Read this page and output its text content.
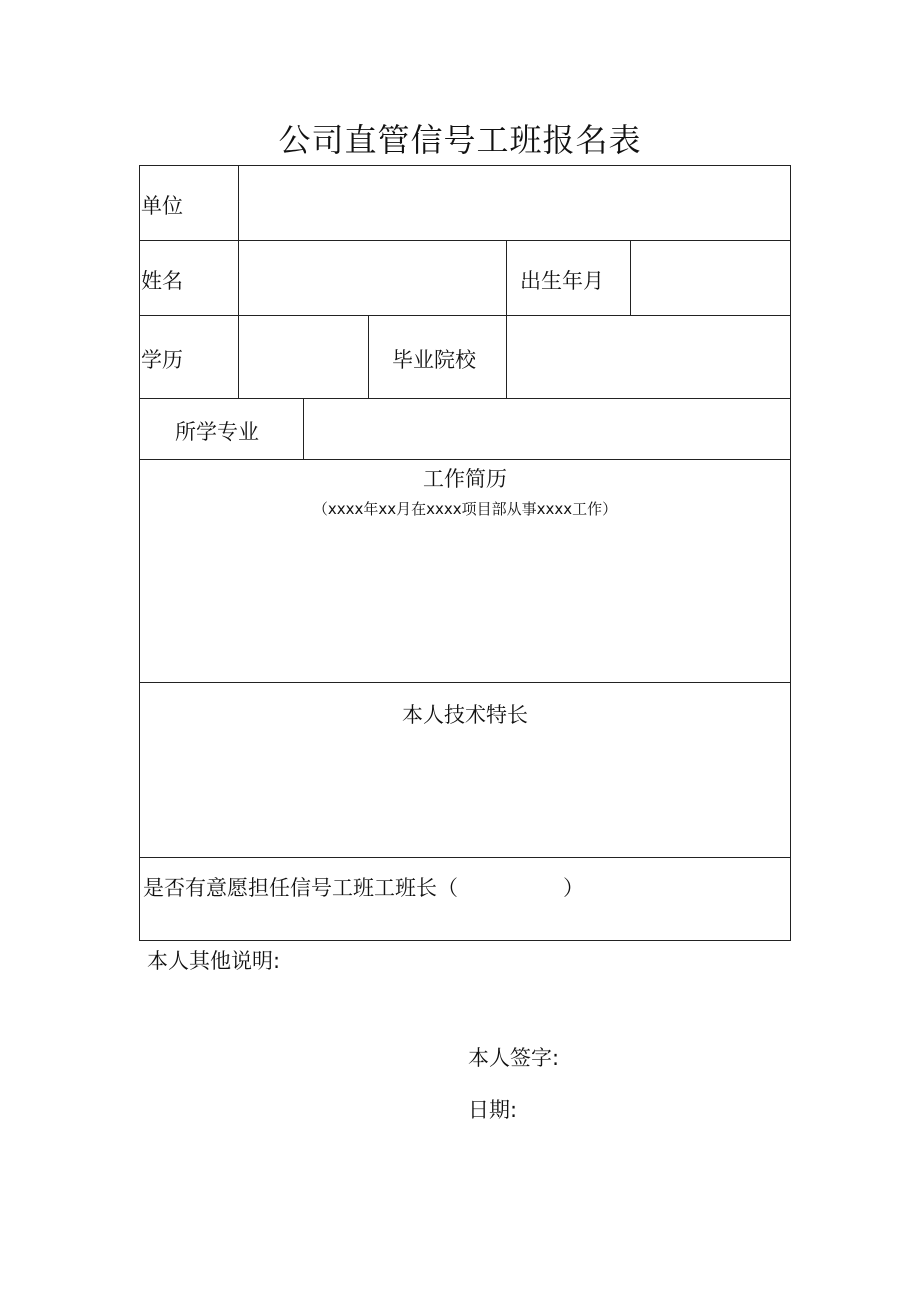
公司直管信号工班报名表
单位
姓名	出生年月
学历	毕业院校
所学专业
工作简历
（xxxx年xx月在xxxx项目部从事xxxx工作）
本人技术特长
是否有意愿担任信号工班工班长（　　　　　）
本人其他说明:
本人签字:
日期:
